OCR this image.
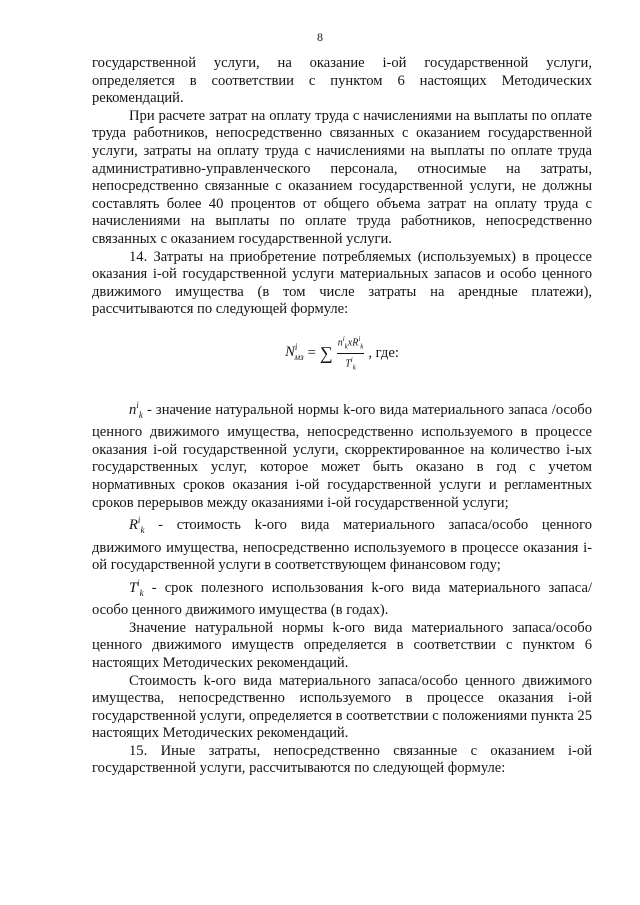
8

государственной услуги, на оказание i-ой государственной услуги, определяется в соответствии с пунктом 6 настоящих Методических рекомендаций.

При расчете затрат на оплату труда с начислениями на выплаты по оплате труда работников, непосредственно связанных с оказанием государственной услуги, затраты на оплату труда с начислениями на выплаты по оплате труда административно-управленческого персонала, относимые на затраты, непосредственно связанные с оказанием государственной услуги, не должны составлять более 40 процентов от общего объема затрат на оплату труда с начислениями на выплаты по оплате труда работников, непосредственно связанных с оказанием государственной услуги.

14. Затраты на приобретение потребляемых (используемых) в процессе оказания i-ой государственной услуги материальных запасов и особо ценного движимого имущества (в том числе затраты на арендные платежи), рассчитываются по следующей формуле:

$N^i_{мз}$ = ∑ $\frac{n^i_kxR^i_k}{T^i_k}$ , где:

$n^i_k$ - значение натуральной нормы k-ого вида материального запаса /особо ценного движимого имущества, непосредственно используемого в процессе оказания i-ой государственной услуги, скорректированное на количество i-ых государственных услуг, которое может быть оказано в год с учетом нормативных сроков оказания i-ой государственной услуги и регламентных сроков перерывов между оказаниями i-ой государственной услуги;

$R^i_k$ - стоимость k-ого вида материального запаса/особо ценного движимого имущества, непосредственно используемого в процессе оказания i-ой государственной услуги в соответствующем финансовом году;

$T^i_k$ - срок полезного использования k-ого вида материального запаса/особо ценного движимого имущества (в годах).

Значение натуральной нормы k-ого вида материального запаса/особо ценного движимого имуществ определяется в соответствии с пунктом 6 настоящих Методических рекомендаций.

Стоимость k-ого вида материального запаса/особо ценного движимого имущества, непосредственно используемого в процессе оказания i-ой государственной услуги, определяется в соответствии с положениями пункта 25 настоящих Методических рекомендаций.

15. Иные затраты, непосредственно связанные с оказанием i-ой государственной услуги, рассчитываются по следующей формуле:
